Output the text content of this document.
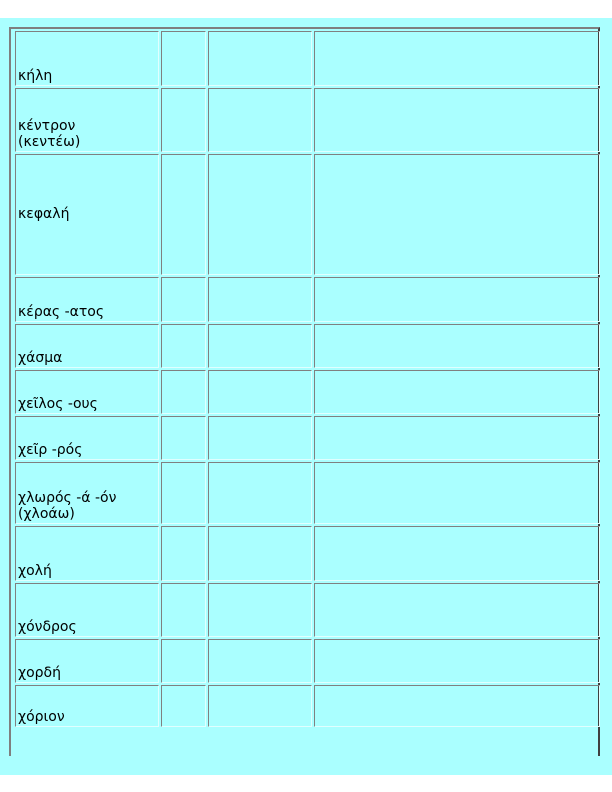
κήλη			

κέντρον
(κεντέω)			

κεφαλή			

κέρας -ατος			

χάσμα			

χεῖλος -ους			

χεῖρ -ρός			

χλωρός -ά -όν
(χλοάω)			

χολή			

χόνδρος			

χορδή			

χόριον			
